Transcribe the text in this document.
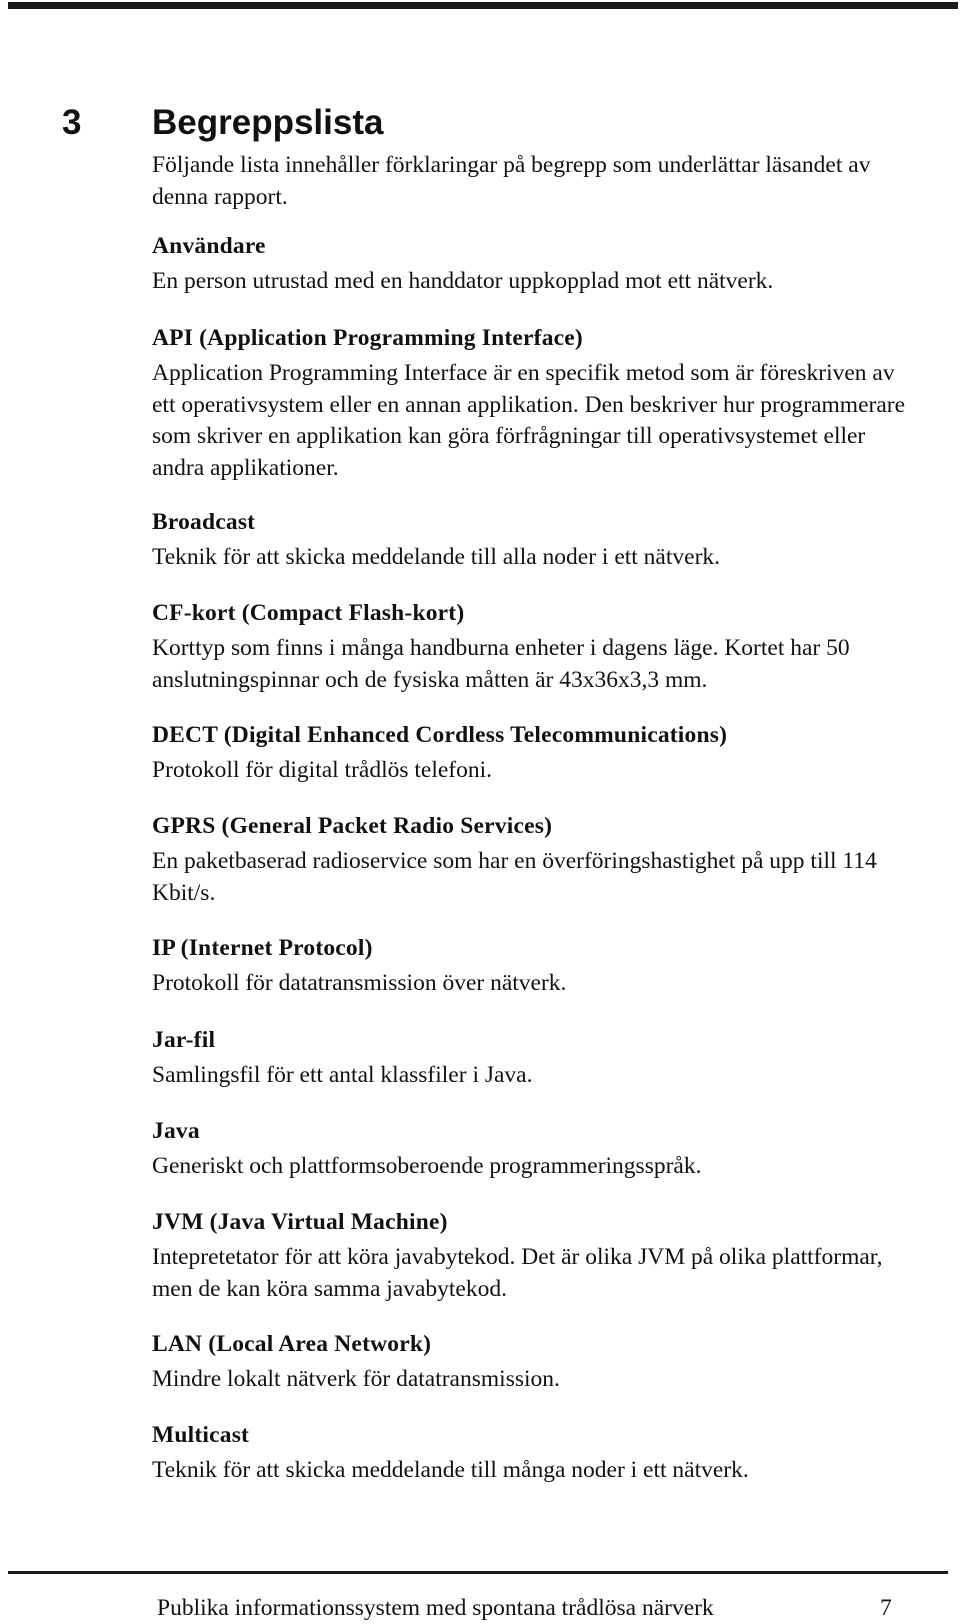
3 Begreppslista
Följande lista innehåller förklaringar på begrepp som underlättar läsandet av denna rapport.
Användare
En person utrustad med en handdator uppkopplad mot ett nätverk.
API (Application Programming Interface)
Application Programming Interface är en specifik metod som är föreskriven av ett operativsystem eller en annan applikation. Den beskriver hur programmerare som skriver en applikation kan göra förfrågningar till operativsystemet eller andra applikationer.
Broadcast
Teknik för att skicka meddelande till alla noder i ett nätverk.
CF-kort (Compact Flash-kort)
Korttyp som finns i många handburna enheter i dagens läge. Kortet har 50 anslutningspinnar och de fysiska måtten är 43x36x3,3 mm.
DECT (Digital Enhanced Cordless Telecommunications)
Protokoll för digital trådlös telefoni.
GPRS (General Packet Radio Services)
En paketbaserad radioservice som har en överföringshastighet på upp till 114 Kbit/s.
IP (Internet Protocol)
Protokoll för datatransmission över nätverk.
Jar-fil
Samlingsfil för ett antal klassfiler i Java.
Java
Generiskt och plattformsoberoende programmeringsspråk.
JVM (Java Virtual Machine)
Intepretetator för att köra javabytekod. Det är olika JVM på olika plattformar, men de kan köra samma javabytekod.
LAN (Local Area Network)
Mindre lokalt nätverk för datatransmission.
Multicast
Teknik för att skicka meddelande till många noder i ett nätverk.
Publika informationssystem med spontana trådlösa närverk	7
